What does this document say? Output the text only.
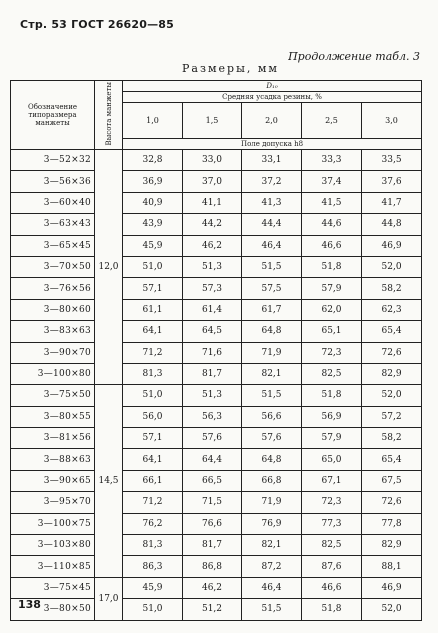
Стр. 53 ГОСТ 26620—85
Продолжение табл. 3
Размеры, мм
Обозначение типоразмера манжеты	Высота манжеты	D₁₀				
		Средняя усадка резины, %				
		1,0	1,5	2,0	2,5	3,0
		Поле допуска h8				
3—52×32	12,0	32,8	33,0	33,1	33,3	33,5
3—56×36		36,9	37,0	37,2	37,4	37,6
3—60×40		40,9	41,1	41,3	41,5	41,7
3—63×43		43,9	44,2	44,4	44,6	44,8
3—65×45		45,9	46,2	46,4	46,6	46,9
3—70×50		51,0	51,3	51,5	51,8	52,0
3—76×56		57,1	57,3	57,5	57,9	58,2
3—80×60		61,1	61,4	61,7	62,0	62,3
3—83×63		64,1	64,5	64,8	65,1	65,4
3—90×70		71,2	71,6	71,9	72,3	72,6
3—100×80		81,3	81,7	82,1	82,5	82,9
3—75×50	14,5	51,0	51,3	51,5	51,8	52,0
3—80×55		56,0	56,3	56,6	56,9	57,2
3—81×56		57,1	57,6	57,6	57,9	58,2
3—88×63		64,1	64,4	64,8	65,0	65,4
3—90×65		66,1	66,5	66,8	67,1	67,5
3—95×70		71,2	71,5	71,9	72,3	72,6
3—100×75		76,2	76,6	76,9	77,3	77,8
3—103×80		81,3	81,7	82,1	82,5	82,9
3—110×85		86,3	86,8	87,2	87,6	88,1
3—75×45	17,0	45,9	46,2	46,4	46,6	46,9
3—80×50		51,0	51,2	51,5	51,8	52,0
138
